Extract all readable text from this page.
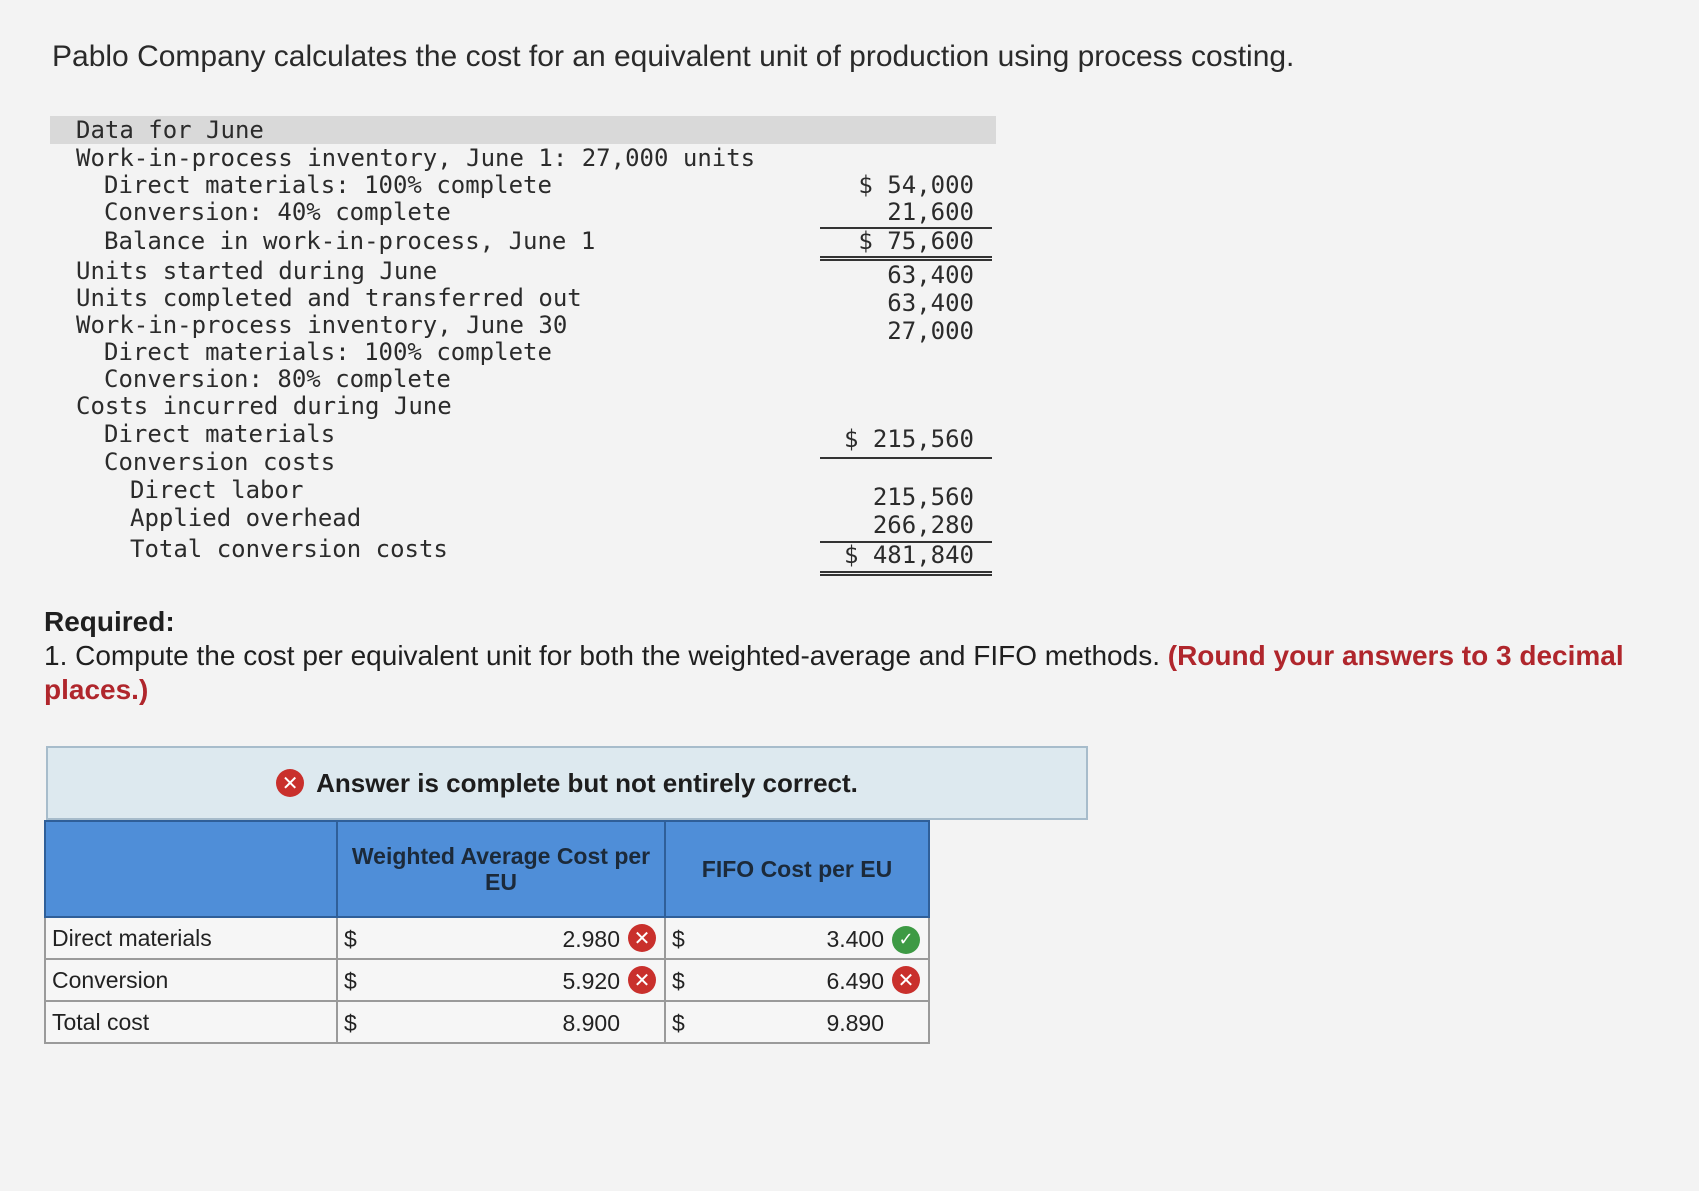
Pablo Company calculates the cost for an equivalent unit of production using process costing.
Data for June
Work-in-process inventory, June 1: 27,000 units
Direct materials: 100% complete	$ 54,000
Conversion: 40% complete	21,600
Balance in work-in-process, June 1	$ 75,600
Units started during June	63,400
Units completed and transferred out	63,400
Work-in-process inventory, June 30	27,000
Direct materials: 100% complete
Conversion: 80% complete
Costs incurred during June
Direct materials	$ 215,560
Conversion costs
Direct labor	215,560
Applied overhead	266,280
Total conversion costs	$ 481,840
Required:
1. Compute the cost per equivalent unit for both the weighted-average and FIFO methods. (Round your answers to 3 decimal places.)
✕ Answer is complete but not entirely correct.
	Weighted Average Cost per EU	FIFO Cost per EU
Direct materials	$ 2.980 ✕	$ 3.400 ✓

Conversion	$ 5.920 ✕	$ 6.490 ✕

Total cost	$ 8.900	$ 9.890
